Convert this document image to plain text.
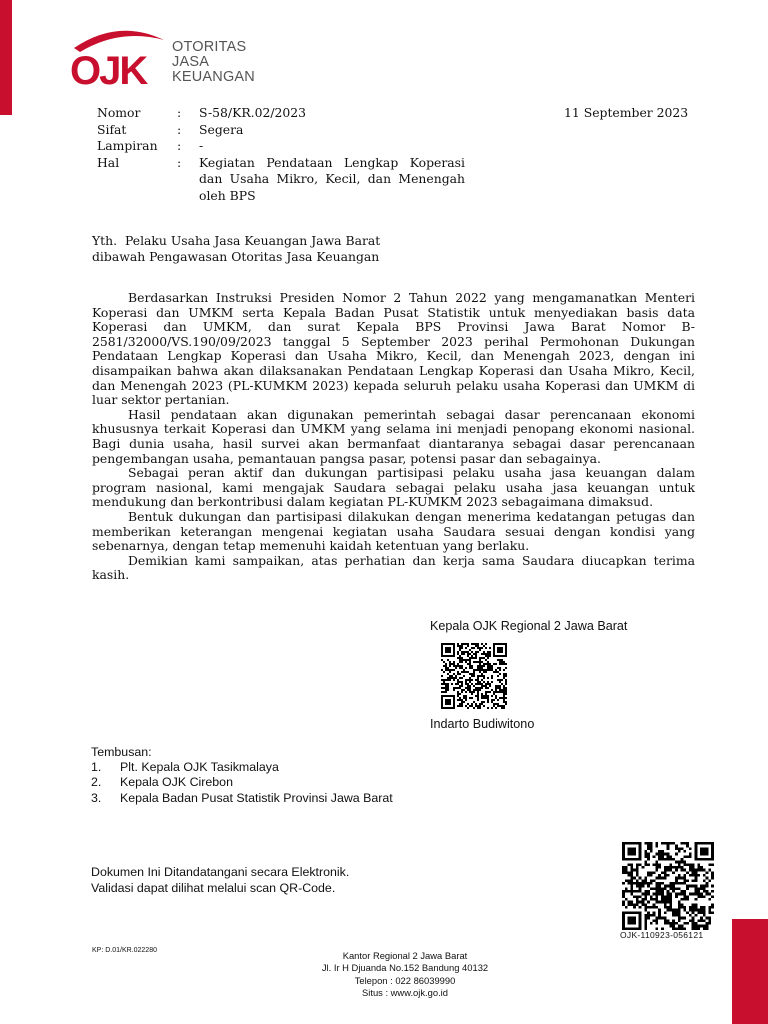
OJK
OTORITAS
JASA
KEUANGAN
Nomor	:	S-58/KR.02/2023
Sifat	:	Segera
Lampiran	:	-
Hal	:	Kegiatan Pendataan Lengkap Koperasi dan Usaha Mikro, Kecil, dan Menengah oleh BPS
11 September 2023
Yth.  Pelaku Usaha Jasa Keuangan Jawa Barat
dibawah Pengawasan Otoritas Jasa Keuangan

Berdasarkan Instruksi Presiden Nomor 2 Tahun 2022 yang mengamanatkan Menteri Koperasi dan UMKM serta Kepala Badan Pusat Statistik untuk menyediakan basis data Koperasi dan UMKM, dan surat Kepala BPS Provinsi Jawa Barat Nomor B-2581/32000/VS.190/09/2023 tanggal 5 September 2023 perihal Permohonan Dukungan Pendataan Lengkap Koperasi dan Usaha Mikro, Kecil, dan Menengah 2023, dengan ini disampaikan bahwa akan dilaksanakan Pendataan Lengkap Koperasi dan Usaha Mikro, Kecil, dan Menengah 2023 (PL-KUMKM 2023) kepada seluruh pelaku usaha Koperasi dan UMKM di luar sektor pertanian.

Hasil pendataan akan digunakan pemerintah sebagai dasar perencanaan ekonomi khususnya terkait Koperasi dan UMKM yang selama ini menjadi penopang ekonomi nasional. Bagi dunia usaha, hasil survei akan bermanfaat diantaranya sebagai dasar perencanaan pengembangan usaha, pemantauan pangsa pasar, potensi pasar dan sebagainya.

Sebagai peran aktif dan dukungan partisipasi pelaku usaha jasa keuangan dalam program nasional, kami mengajak Saudara sebagai pelaku usaha jasa keuangan untuk mendukung dan berkontribusi dalam kegiatan PL-KUMKM 2023 sebagaimana dimaksud.

Bentuk dukungan dan partisipasi dilakukan dengan menerima kedatangan petugas dan memberikan keterangan mengenai kegiatan usaha Saudara sesuai dengan kondisi yang sebenarnya, dengan tetap memenuhi kaidah ketentuan yang berlaku.

Demikian kami sampaikan, atas perhatian dan kerja sama Saudara diucapkan terima kasih.

Kepala OJK Regional 2 Jawa Barat
Indarto Budiwitono
Tembusan:
1.	Plt. Kepala OJK Tasikmalaya
2.	Kepala OJK Cirebon
3.	Kepala Badan Pusat Statistik Provinsi Jawa Barat
Dokumen Ini Ditandatangani secara Elektronik.
Validasi dapat dilihat melalui scan QR-Code.
OJK-110923-056121
KP: D.01/KR.022280	Kantor Regional 2 Jawa Barat
Jl. Ir H Djuanda No.152 Bandung 40132
Telepon : 022 86039990
Situs : www.ojk.go.id
